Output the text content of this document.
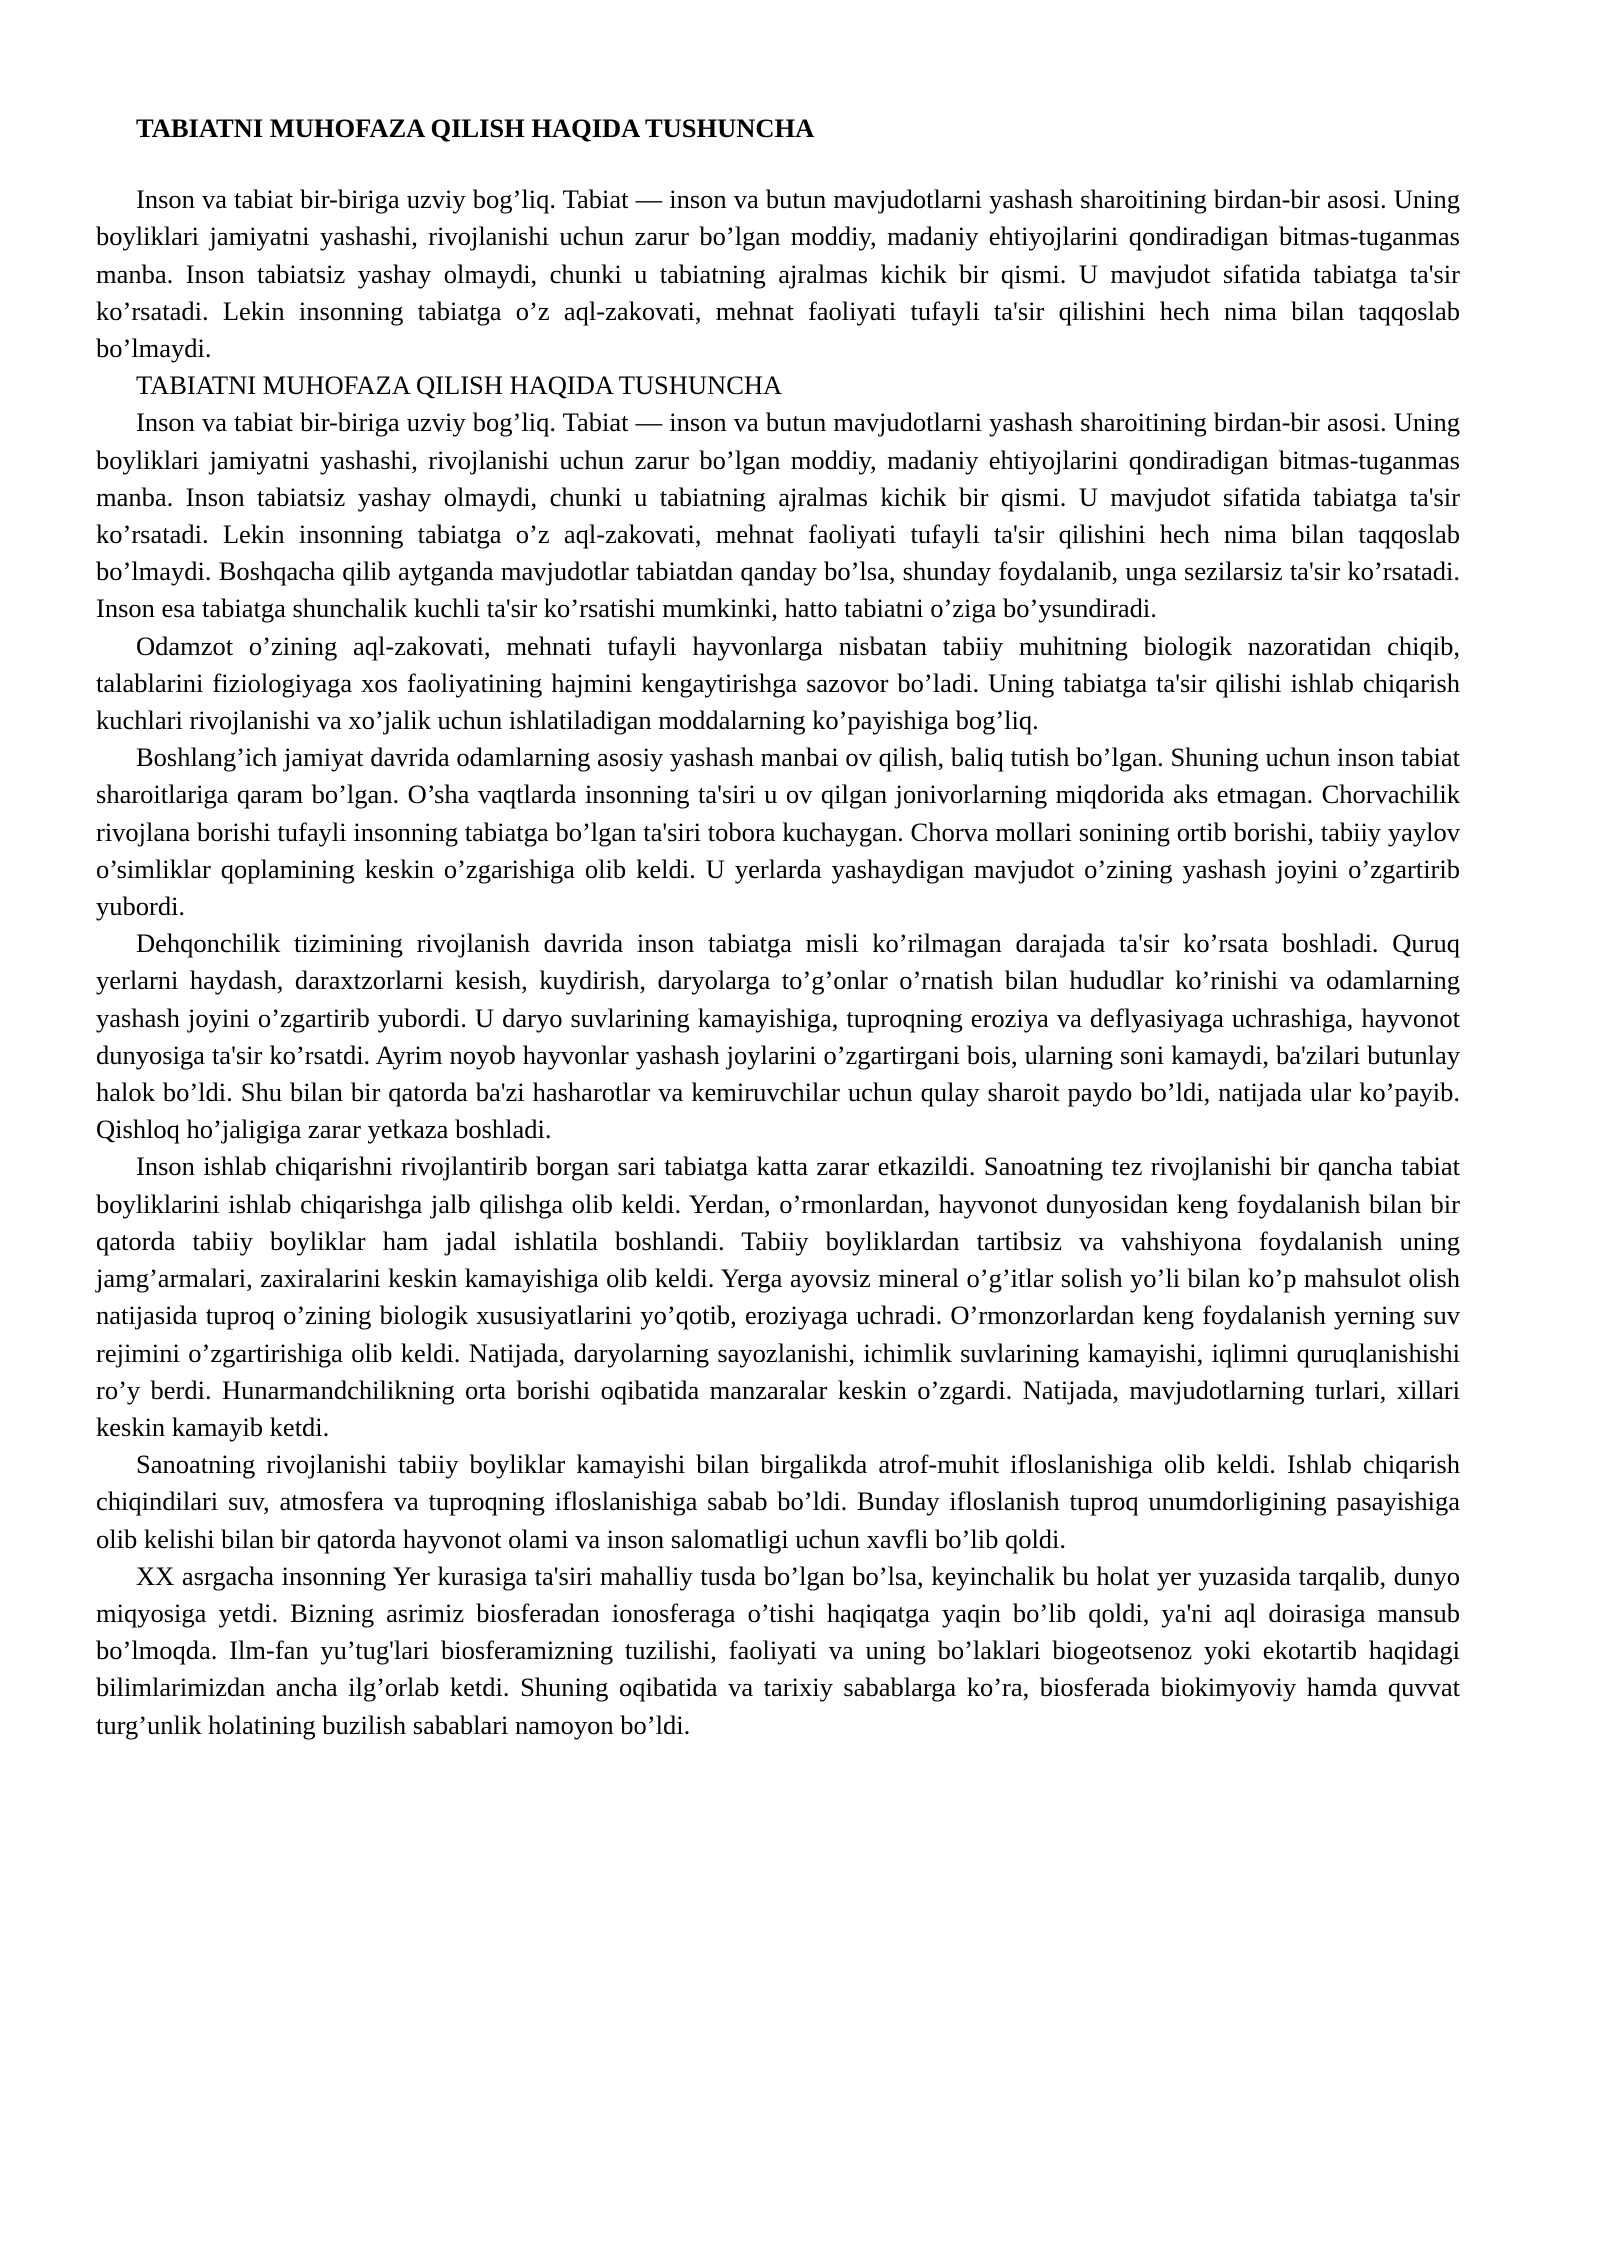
TABIATNI MUHOFAZA QILISH HAQIDA TUSHUNCHA

Inson va tabiat bir-biriga uzviy bog’liq. Tabiat — inson va butun mavjudotlarni yashash sharoitining birdan-bir asosi. Uning boyliklari jamiyatni yashashi, rivojlanishi uchun zarur bo’lgan moddiy, madaniy ehtiyojlarini qondiradigan bitmas-tuganmas manba. Inson tabiatsiz yashay olmaydi, chunki u tabiatning ajralmas kichik bir qismi. U mavjudot sifatida tabiatga ta'sir ko’rsatadi. Lekin insonning tabiatga o’z aql-zakovati, mehnat faoliyati tufayli ta'sir qilishini hech nima bilan taqqoslab bo’lmaydi.

TABIATNI MUHOFAZA QILISH HAQIDA TUSHUNCHA

Inson va tabiat bir-biriga uzviy bog’liq. Tabiat — inson va butun mavjudotlarni yashash sharoitining birdan-bir asosi. Uning boyliklari jamiyatni yashashi, rivojlanishi uchun zarur bo’lgan moddiy, madaniy ehtiyojlarini qondiradigan bitmas-tuganmas manba. Inson tabiatsiz yashay olmaydi, chunki u tabiatning ajralmas kichik bir qismi. U mavjudot sifatida tabiatga ta'sir ko’rsatadi. Lekin insonning tabiatga o’z aql-zakovati, mehnat faoliyati tufayli ta'sir qilishini hech nima bilan taqqoslab bo’lmaydi. Boshqacha qilib aytganda mavjudotlar tabiatdan qanday bo’lsa, shunday foydalanib, unga sezilarsiz ta'sir ko’rsatadi. Inson esa tabiatga shunchalik kuchli ta'sir ko’rsatishi mumkinki, hatto tabiatni o’ziga bo’ysundiradi.

Odamzot o’zining aql-zakovati, mehnati tufayli hayvonlarga nisbatan tabiiy muhitning biologik nazoratidan chiqib, talablarini fiziologiyaga xos faoliyatining hajmini kengaytirishga sazovor bo’ladi. Uning tabiatga ta'sir qilishi ishlab chiqarish kuchlari rivojlanishi va xo’jalik uchun ishlatiladigan moddalarning ko’payishiga bog’liq.

Boshlang’ich jamiyat davrida odamlarning asosiy yashash manbai ov qilish, baliq tutish bo’lgan. Shuning uchun inson tabiat sharoitlariga qaram bo’lgan. O’sha vaqtlarda insonning ta'siri u ov qilgan jonivorlarning miqdorida aks etmagan. Chorvachilik rivojlana borishi tufayli insonning tabiatga bo’lgan ta'siri tobora kuchaygan. Chorva mollari sonining ortib borishi, tabiiy yaylov o’simliklar qoplamining keskin o’zgarishiga olib keldi. U yerlarda yashaydigan mavjudot o’zining yashash joyini o’zgartirib yubordi.

Dehqonchilik tizimining rivojlanish davrida inson tabiatga misli ko’rilmagan darajada ta'sir ko’rsata boshladi. Quruq yerlarni haydash, daraxtzorlarni kesish, kuydirish, daryolarga to’g’onlar o’rnatish bilan hududlar ko’rinishi va odamlarning yashash joyini o’zgartirib yubordi. U daryo suvlarining kamayishiga, tuproqning eroziya va deflyasiyaga uchrashiga, hayvonot dunyosiga ta'sir ko’rsatdi. Ayrim noyob hayvonlar yashash joylarini o’zgartirgani bois, ularning soni kamaydi, ba'zilari butunlay halok bo’ldi. Shu bilan bir qatorda ba'zi hasharotlar va kemiruvchilar uchun qulay sharoit paydo bo’ldi, natijada ular ko’payib. Qishloq ho’jaligiga zarar yetkaza boshladi.

Inson ishlab chiqarishni rivojlantirib borgan sari tabiatga katta zarar etkazildi. Sanoatning tez rivojlanishi bir qancha tabiat boyliklarini ishlab chiqarishga jalb qilishga olib keldi. Yerdan, o’rmonlardan, hayvonot dunyosidan keng foydalanish bilan bir qatorda tabiiy boyliklar ham jadal ishlatila boshlandi. Tabiiy boyliklardan tartibsiz va vahshiyona foydalanish uning jamg’armalari, zaxiralarini keskin kamayishiga olib keldi. Yerga ayovsiz mineral o’g’itlar solish yo’li bilan ko’p mahsulot olish natijasida tuproq o’zining biologik xususiyatlarini yo’qotib, eroziyaga uchradi. O’rmonzorlardan keng foydalanish yerning suv rejimini o’zgartirishiga olib keldi. Natijada, daryolarning sayozlanishi, ichimlik suvlarining kamayishi, iqlimni quruqlanishishi ro’y berdi. Hunarmandchilikning orta borishi oqibatida manzaralar keskin o’zgardi. Natijada, mavjudotlarning turlari, xillari keskin kamayib ketdi.

Sanoatning rivojlanishi tabiiy boyliklar kamayishi bilan birgalikda atrof-muhit ifloslanishiga olib keldi. Ishlab chiqarish chiqindilari suv, atmosfera va tuproqning ifloslanishiga sabab bo’ldi. Bunday ifloslanish tuproq unumdorligining pasayishiga olib kelishi bilan bir qatorda hayvonot olami va inson salomatligi uchun xavfli bo’lib qoldi.

XX asrgacha insonning Yer kurasiga ta'siri mahalliy tusda bo’lgan bo’lsa, keyinchalik bu holat yer yuzasida tarqalib, dunyo miqyosiga yetdi. Bizning asrimiz biosferadan ionosferaga o’tishi haqiqatga yaqin bo’lib qoldi, ya'ni aql doirasiga mansub bo’lmoqda. Ilm-fan yu’tug'lari biosferamizning tuzilishi, faoliyati va uning bo’laklari biogeotsenoz yoki ekotartib haqidagi bilimlarimizdan ancha ilg’orlab ketdi. Shuning oqibatida va tarixiy sabablarga ko’ra, biosferada biokimyoviy hamda quvvat turg’unlik holatining buzilish sabablari namoyon bo’ldi.
